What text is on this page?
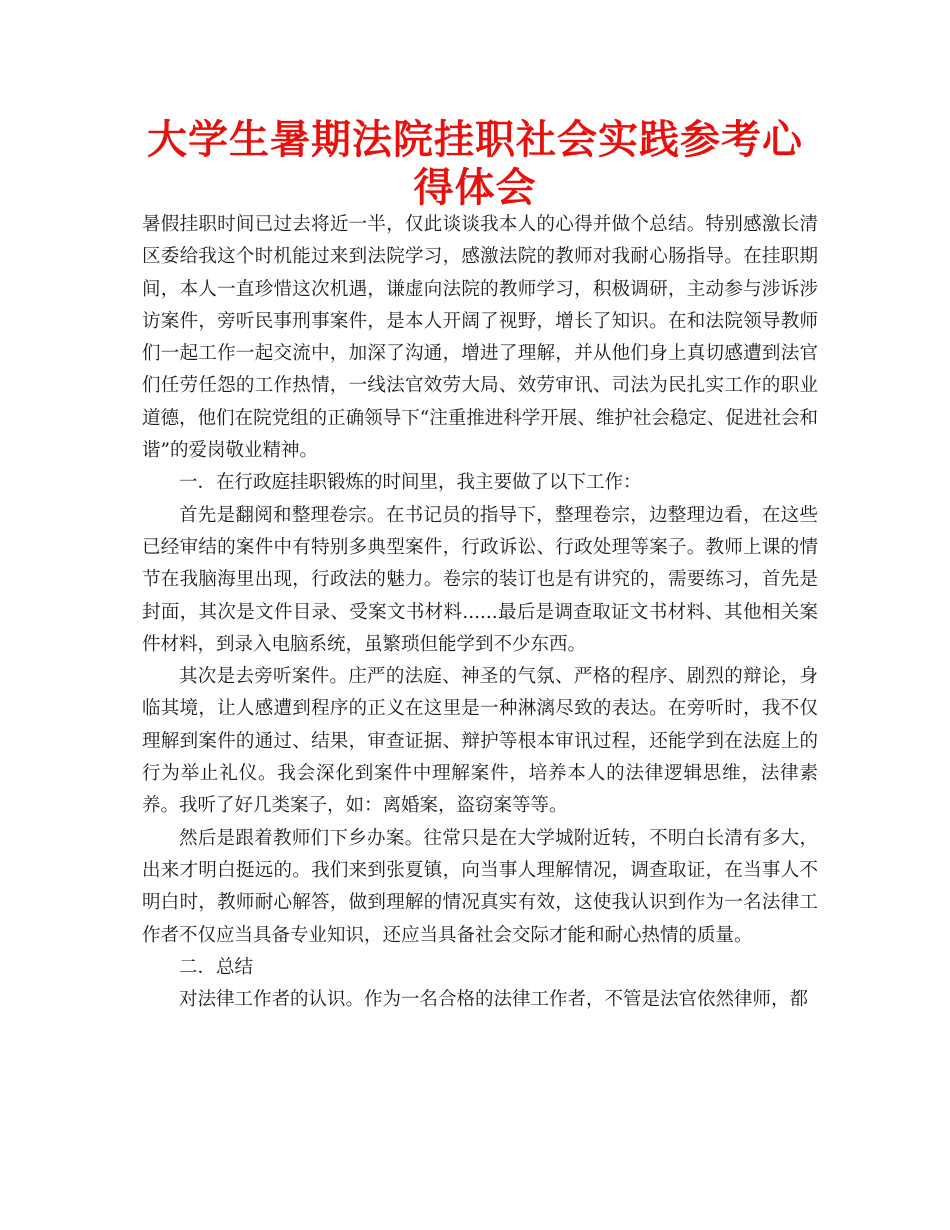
大学生暑期法院挂职社会实践参考心得体会

暑假挂职时间已过去将近一半，仅此谈谈我本人的心得并做个总结。特别感激长清区委给我这个时机能过来到法院学习，感激法院的教师对我耐心肠指导。在挂职期间，本人一直珍惜这次机遇，谦虚向法院的教师学习，积极调研，主动参与涉诉涉访案件，旁听民事刑事案件，是本人开阔了视野，增长了知识。在和法院领导教师们一起工作一起交流中，加深了沟通，增进了理解，并从他们身上真切感遭到法官们任劳任怨的工作热情，一线法官效劳大局、效劳审讯、司法为民扎实工作的职业道德，他们在院党组的正确领导下“注重推进科学开展、维护社会稳定、促进社会和谐”的爱岗敬业精神。

一．在行政庭挂职锻炼的时间里，我主要做了以下工作：

首先是翻阅和整理卷宗。在书记员的指导下，整理卷宗，边整理边看，在这些已经审结的案件中有特别多典型案件，行政诉讼、行政处理等案子。教师上课的情节在我脑海里出现，行政法的魅力。卷宗的装订也是有讲究的，需要练习，首先是封面，其次是文件目录、受案文书材料......最后是调查取证文书材料、其他相关案件材料，到录入电脑系统，虽繁琐但能学到不少东西。

其次是去旁听案件。庄严的法庭、神圣的气氛、严格的程序、剧烈的辩论，身临其境，让人感遭到程序的正义在这里是一种淋漓尽致的表达。在旁听时，我不仅理解到案件的通过、结果，审查证据、辩护等根本审讯过程，还能学到在法庭上的行为举止礼仪。我会深化到案件中理解案件，培养本人的法律逻辑思维，法律素养。我听了好几类案子，如：离婚案，盗窃案等等。

然后是跟着教师们下乡办案。往常只是在大学城附近转，不明白长清有多大，出来才明白挺远的。我们来到张夏镇，向当事人理解情况，调查取证，在当事人不明白时，教师耐心解答，做到理解的情况真实有效，这使我认识到作为一名法律工作者不仅应当具备专业知识，还应当具备社会交际才能和耐心热情的质量。

二．总结

对法律工作者的认识。作为一名合格的法律工作者，不管是法官依然律师，都
